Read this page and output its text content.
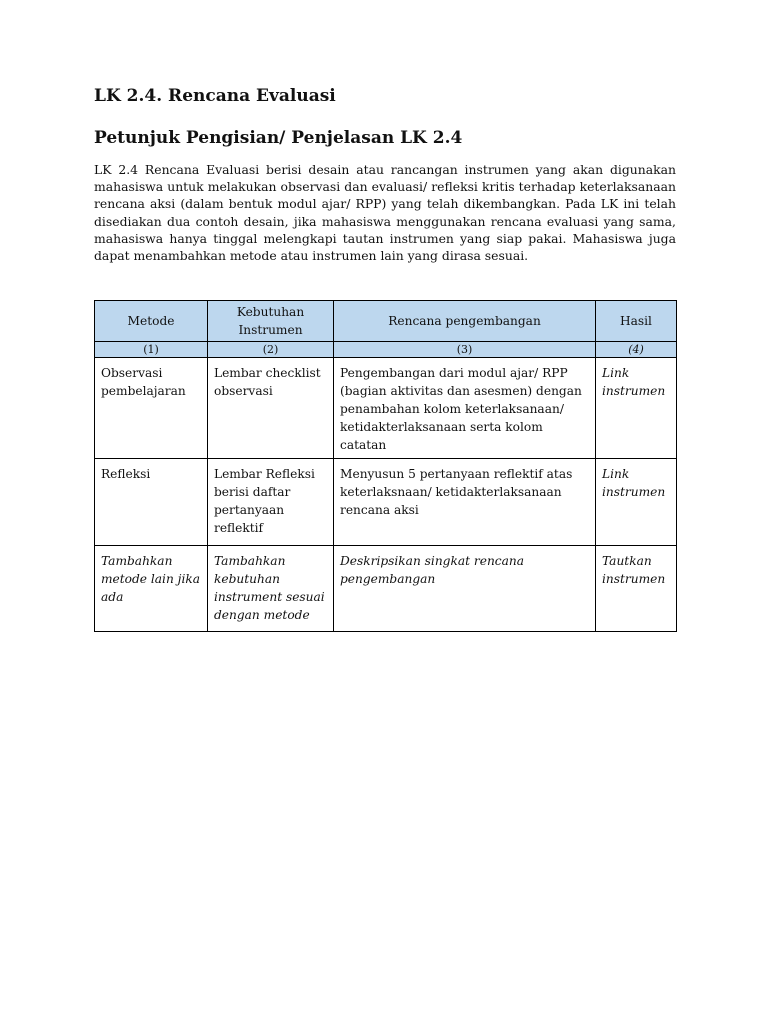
LK 2.4. Rencana Evaluasi
Petunjuk Pengisian/ Penjelasan LK 2.4

LK 2.4 Rencana Evaluasi berisi desain atau rancangan instrumen yang akan digunakan mahasiswa untuk melakukan observasi dan evaluasi/ refleksi kritis terhadap keterlaksanaan rencana aksi (dalam bentuk modul ajar/ RPP) yang telah dikembangkan. Pada LK ini telah disediakan dua contoh desain, jika mahasiswa menggunakan rencana evaluasi yang sama, mahasiswa hanya tinggal melengkapi tautan instrumen yang siap pakai. Mahasiswa juga dapat menambahkan metode atau instrumen lain yang dirasa sesuai.

Metode	Kebutuhan Instrumen	Rencana pengembangan	Hasil
(1)	(2)	(3)	(4)
Observasi pembelajaran	Lembar checklist observasi	Pengembangan dari modul ajar/ RPP (bagian aktivitas dan asesmen) dengan penambahan kolom keterlaksanaan/ ketidakterlaksanaan serta kolom catatan	Link instrumen
Refleksi	Lembar Refleksi berisi daftar pertanyaan reflektif	Menyusun 5 pertanyaan reflektif atas keterlaksnaan/ ketidakterlaksanaan rencana aksi	Link instrumen
Tambahkan metode lain jika ada	Tambahkan kebutuhan instrument sesuai dengan metode	Deskripsikan singkat rencana pengembangan	Tautkan instrumen
